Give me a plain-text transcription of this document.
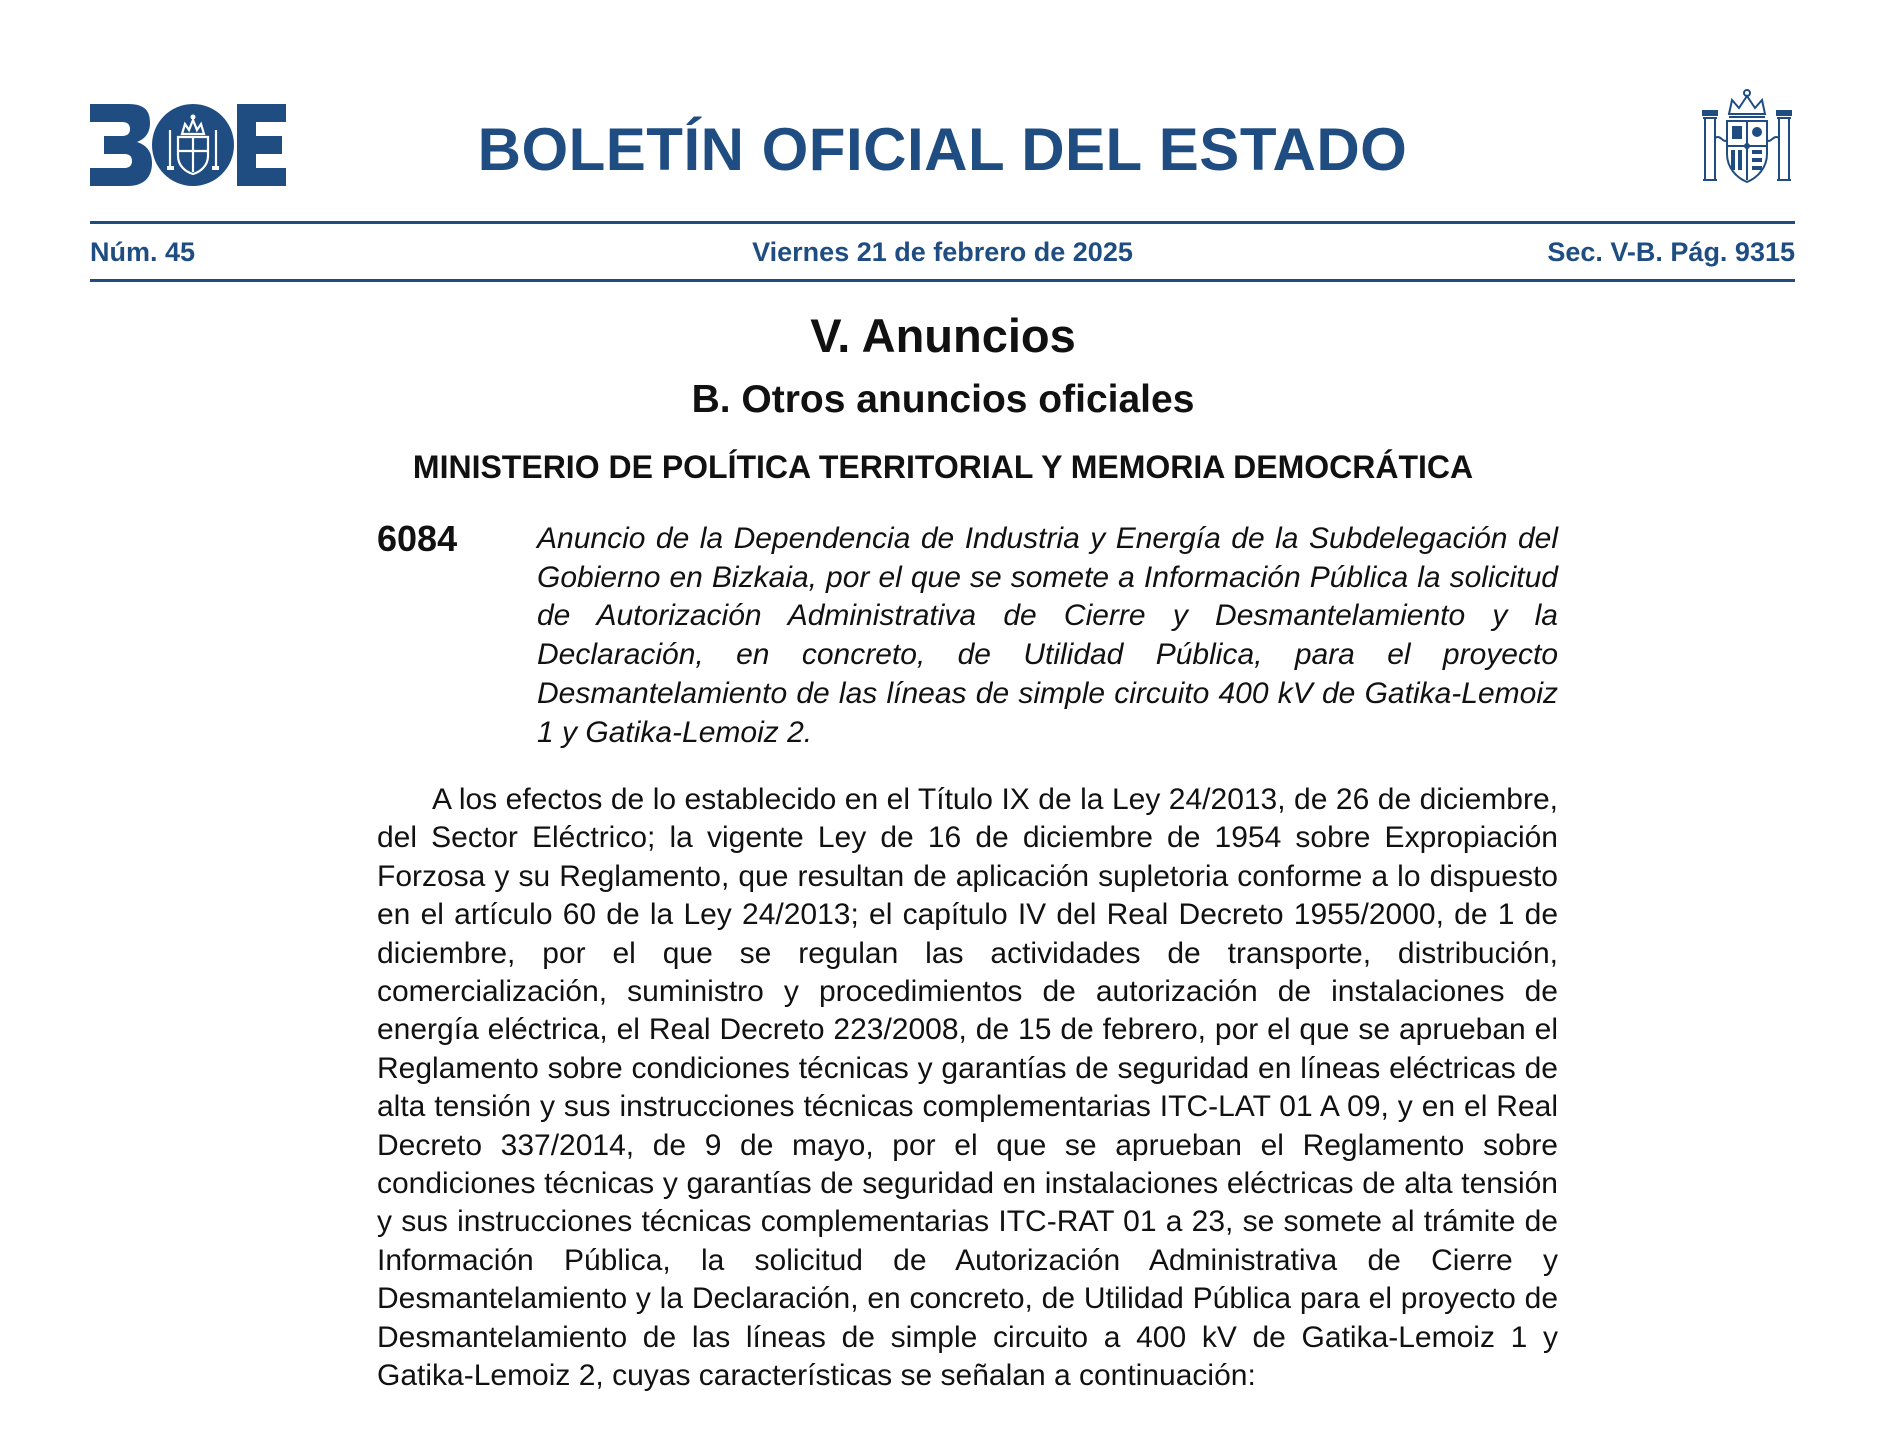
BOLETÍN OFICIAL DEL ESTADO
Núm. 45	Viernes 21 de febrero de 2025	Sec. V-B. Pág. 9315
V. Anuncios
B. Otros anuncios oficiales
MINISTERIO DE POLÍTICA TERRITORIAL Y MEMORIA DEMOCRÁTICA
6084	Anuncio de la Dependencia de Industria y Energía de la Subdelegación del Gobierno en Bizkaia, por el que se somete a Información Pública la solicitud de Autorización Administrativa de Cierre y Desmantelamiento y la Declaración, en concreto, de Utilidad Pública, para el proyecto Desmantelamiento de las líneas de simple circuito 400 kV de Gatika-Lemoiz 1 y Gatika-Lemoiz 2.

A los efectos de lo establecido en el Título IX de la Ley 24/2013, de 26 de diciembre, del Sector Eléctrico; la vigente Ley de 16 de diciembre de 1954 sobre Expropiación Forzosa y su Reglamento, que resultan de aplicación supletoria conforme a lo dispuesto en el artículo 60 de la Ley 24/2013; el capítulo IV del Real Decreto 1955/2000, de 1 de diciembre, por el que se regulan las actividades de transporte, distribución, comercialización, suministro y procedimientos de autorización de instalaciones de energía eléctrica, el Real Decreto 223/2008, de 15 de febrero, por el que se aprueban el Reglamento sobre condiciones técnicas y garantías de seguridad en líneas eléctricas de alta tensión y sus instrucciones técnicas complementarias ITC-LAT 01 A 09, y en el Real Decreto 337/2014, de 9 de mayo, por el que se aprueban el Reglamento sobre condiciones técnicas y garantías de seguridad en instalaciones eléctricas de alta tensión y sus instrucciones técnicas complementarias ITC-RAT 01 a 23, se somete al trámite de Información Pública, la solicitud de Autorización Administrativa de Cierre y Desmantelamiento y la Declaración, en concreto, de Utilidad Pública para el proyecto de Desmantelamiento de las líneas de simple circuito a 400 kV de Gatika-Lemoiz 1 y Gatika-Lemoiz 2, cuyas características se señalan a continuación:
